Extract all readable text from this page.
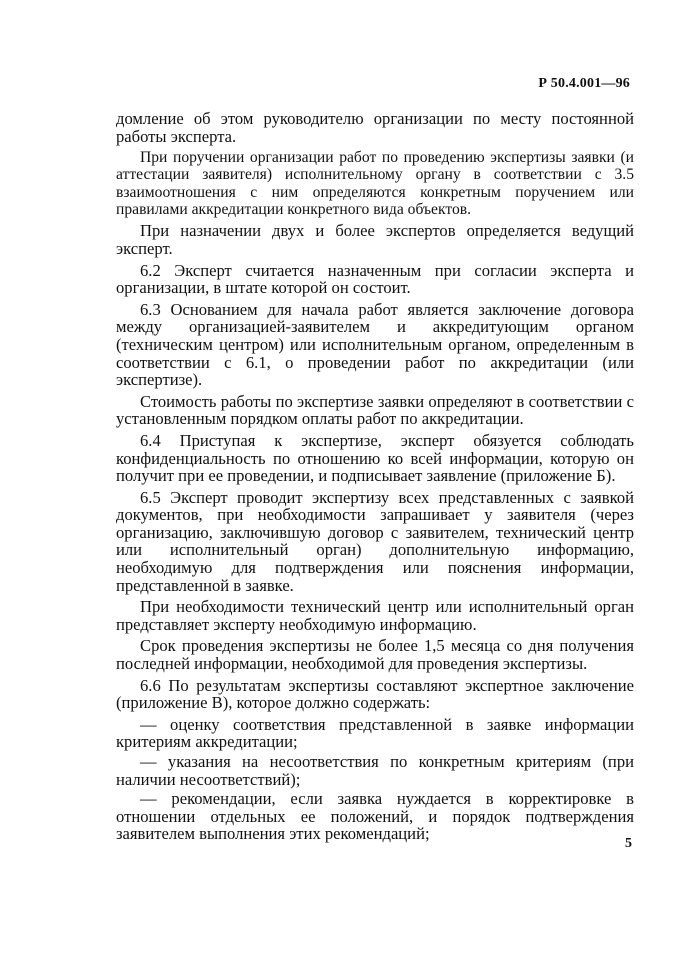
Р 50.4.001—96

домление об этом руководителю организации по месту постоянной работы эксперта.

При поручении организации работ по проведению экспертизы заявки (и аттестации заявителя) исполнительному органу в соответствии с 3.5 взаимоотношения с ним определяются конкретным поручением или правилами аккредитации конкретного вида объектов.

При назначении двух и более экспертов определяется ведущий эксперт.

6.2 Эксперт считается назначенным при согласии эксперта и организации, в штате которой он состоит.

6.3 Основанием для начала работ является заключение договора между организацией-заявителем и аккредитующим органом (техническим центром) или исполнительным органом, определенным в соответствии с 6.1, о проведении работ по аккредитации (или экспертизе).

Стоимость работы по экспертизе заявки определяют в соответствии с установленным порядком оплаты работ по аккредитации.

6.4 Приступая к экспертизе, эксперт обязуется соблюдать конфиденциальность по отношению ко всей информации, которую он получит при ее проведении, и подписывает заявление (приложение Б).

6.5 Эксперт проводит экспертизу всех представленных с заявкой документов, при необходимости запрашивает у заявителя (через организацию, заключившую договор с заявителем, технический центр или исполнительный орган) дополнительную информацию, необходимую для подтверждения или пояснения информации, представленной в заявке.

При необходимости технический центр или исполнительный орган представляет эксперту необходимую информацию.

Срок проведения экспертизы не более 1,5 месяца со дня получения последней информации, необходимой для проведения экспертизы.

6.6 По результатам экспертизы составляют экспертное заключение (приложение В), которое должно содержать:

— оценку соответствия представленной в заявке информации критериям аккредитации;

— указания на несоответствия по конкретным критериям (при наличии несоответствий);

— рекомендации, если заявка нуждается в корректировке в отношении отдельных ее положений, и порядок подтверждения заявителем выполнения этих рекомендаций;

5
